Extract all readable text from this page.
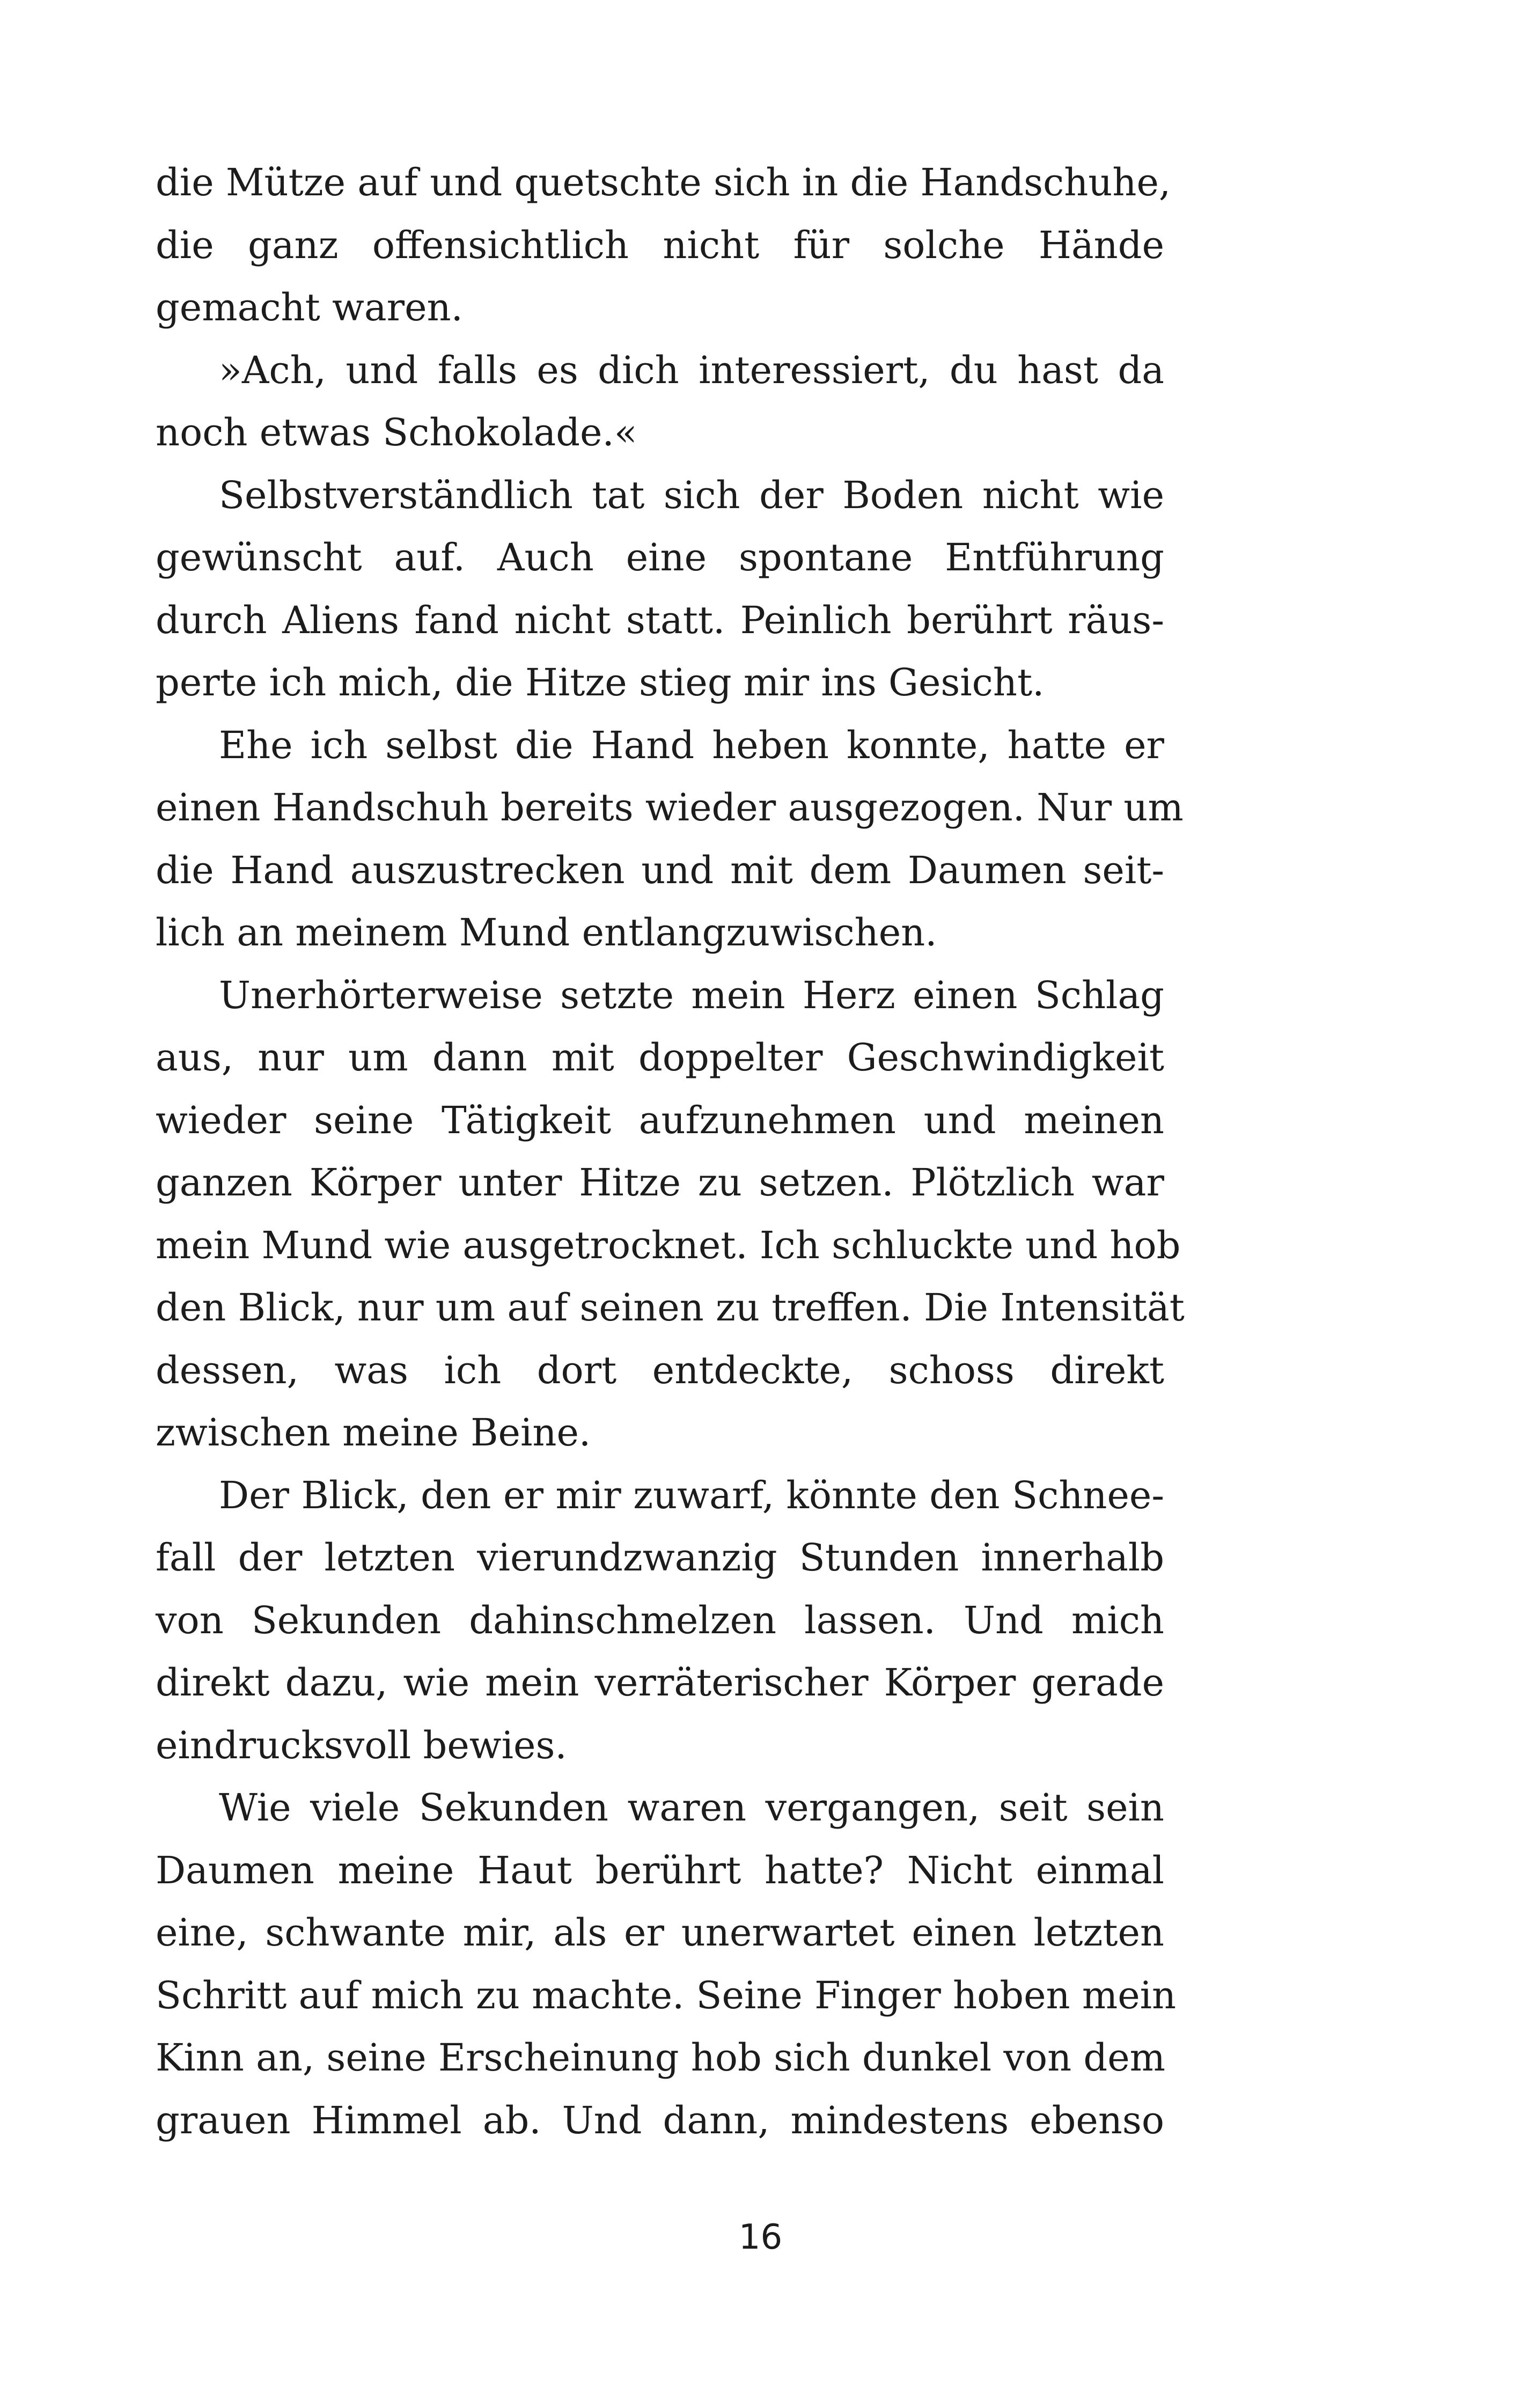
die Mütze auf und quetschte sich in die Handschuhe,
die ganz offensichtlich nicht für solche Hände
gemacht waren.
»Ach, und falls es dich interessiert, du hast da
noch etwas Schokolade.«
Selbstverständlich tat sich der Boden nicht wie
gewünscht auf. Auch eine spontane Entführung
durch Aliens fand nicht statt. Peinlich berührt räus-
perte ich mich, die Hitze stieg mir ins Gesicht.
Ehe ich selbst die Hand heben konnte, hatte er
einen Handschuh bereits wieder ausgezogen. Nur um
die Hand auszustrecken und mit dem Daumen seit-
lich an meinem Mund entlangzuwischen.
Unerhörterweise setzte mein Herz einen Schlag
aus, nur um dann mit doppelter Geschwindigkeit
wieder seine Tätigkeit aufzunehmen und meinen
ganzen Körper unter Hitze zu setzen. Plötzlich war
mein Mund wie ausgetrocknet. Ich schluckte und hob
den Blick, nur um auf seinen zu treffen. Die Intensität
dessen, was ich dort entdeckte, schoss direkt
zwischen meine Beine.
Der Blick, den er mir zuwarf, könnte den Schnee-
fall der letzten vierundzwanzig Stunden innerhalb
von Sekunden dahinschmelzen lassen. Und mich
direkt dazu, wie mein verräterischer Körper gerade
eindrucksvoll bewies.
Wie viele Sekunden waren vergangen, seit sein
Daumen meine Haut berührt hatte? Nicht einmal
eine, schwante mir, als er unerwartet einen letzten
Schritt auf mich zu machte. Seine Finger hoben mein
Kinn an, seine Erscheinung hob sich dunkel von dem
grauen Himmel ab. Und dann, mindestens ebenso
16
